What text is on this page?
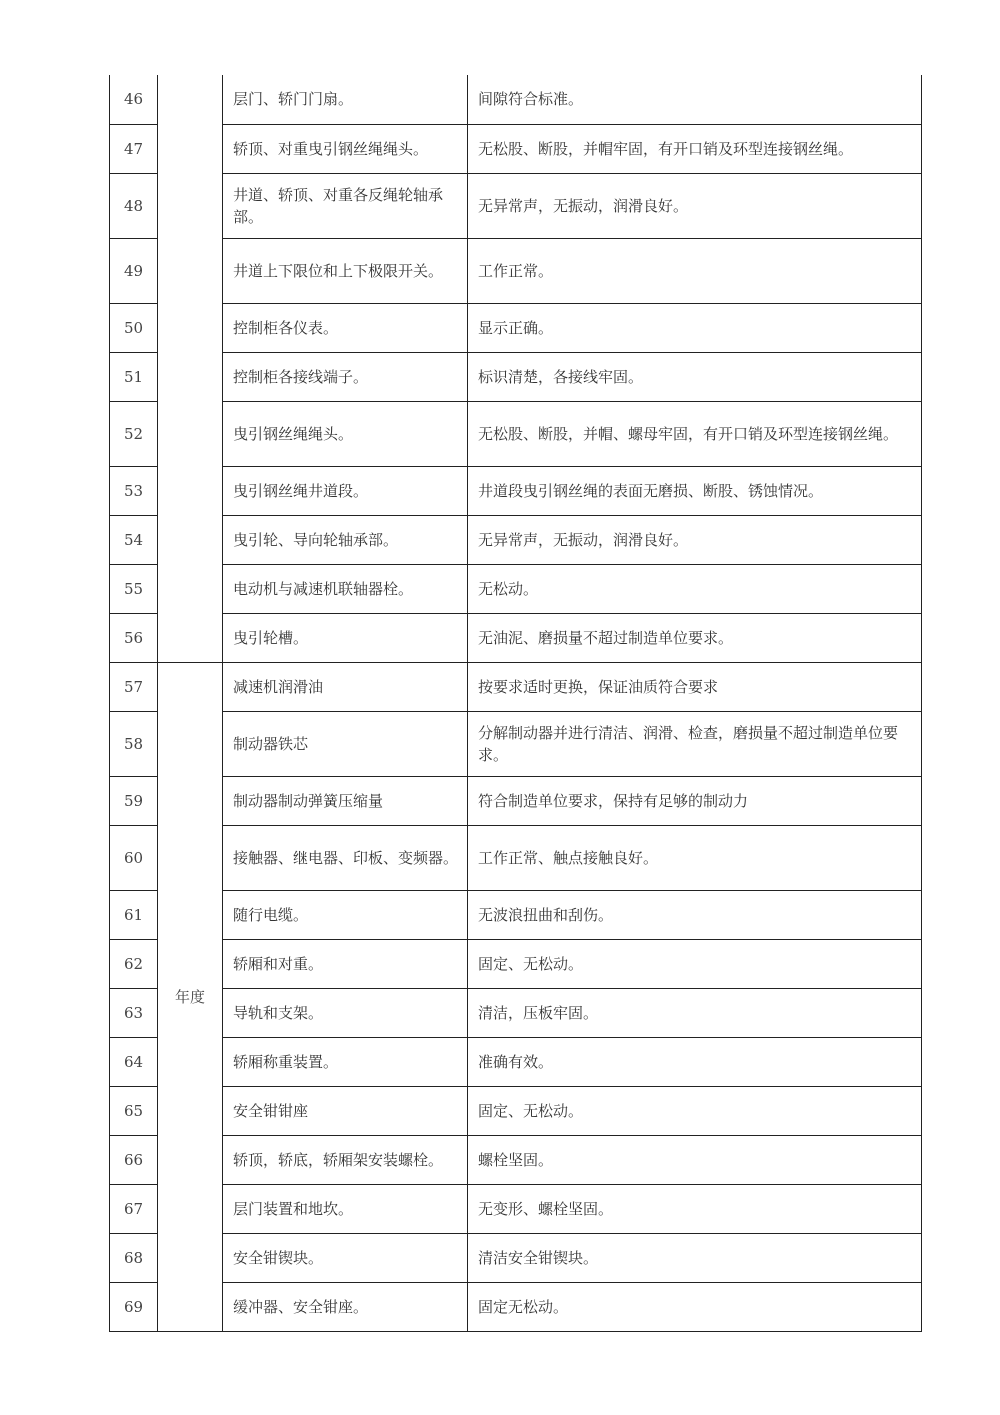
46		层门、轿门门扇。	间隙符合标准。
47		轿顶、对重曳引钢丝绳绳头。	无松股、断股，并帽牢固，有开口销及环型连接钢丝绳。
48		井道、轿顶、对重各反绳轮轴承部。	无异常声，无振动，润滑良好。
49		井道上下限位和上下极限开关。	工作正常。
50		控制柜各仪表。	显示正确。
51		控制柜各接线端子。	标识清楚，各接线牢固。
52		曳引钢丝绳绳头。	无松股、断股，并帽、螺母牢固，有开口销及环型连接钢丝绳。
53		曳引钢丝绳井道段。	井道段曳引钢丝绳的表面无磨损、断股、锈蚀情况。
54		曳引轮、导向轮轴承部。	无异常声，无振动，润滑良好。
55		电动机与减速机联轴器栓。	无松动。
56		曳引轮槽。	无油泥、磨损量不超过制造单位要求。
57	年度	减速机润滑油	按要求适时更换，保证油质符合要求
58		制动器铁芯	分解制动器并进行清洁、润滑、检查，磨损量不超过制造单位要求。
59		制动器制动弹簧压缩量	符合制造单位要求，保持有足够的制动力
60		接触器、继电器、印板、变频器。	工作正常、触点接触良好。
61		随行电缆。	无波浪扭曲和刮伤。
62		轿厢和对重。	固定、无松动。
63		导轨和支架。	清洁，压板牢固。
64		轿厢称重装置。	准确有效。
65		安全钳钳座	固定、无松动。
66		轿顶，轿底，轿厢架安装螺栓。	螺栓坚固。
67		层门装置和地坎。	无变形、螺栓坚固。
68		安全钳锲块。	清洁安全钳锲块。
69		缓冲器、安全钳座。	固定无松动。
